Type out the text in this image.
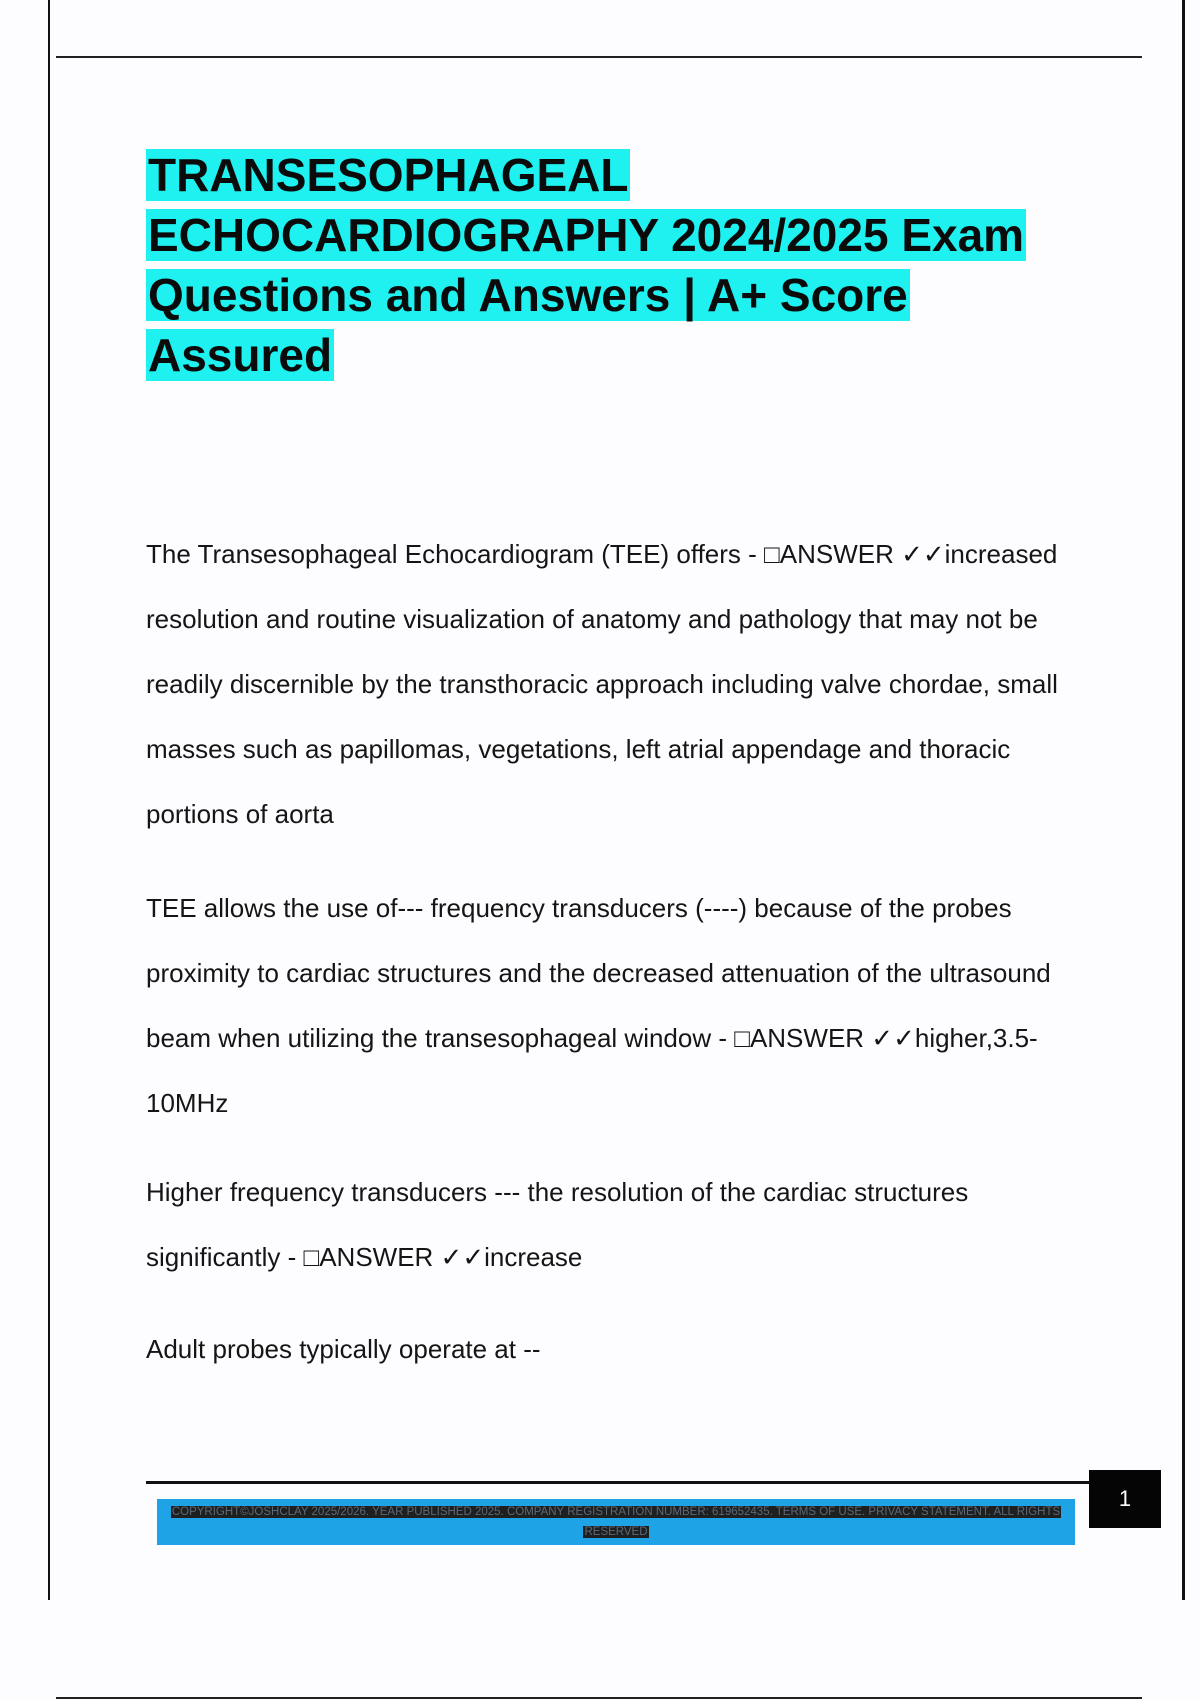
TRANSESOPHAGEAL ECHOCARDIOGRAPHY 2024/2025 Exam Questions and Answers | A+ Score Assured

The Transesophageal Echocardiogram (TEE) offers - □ANSWER ✓✓increased resolution and routine visualization of anatomy and pathology that may not be readily discernible by the transthoracic approach including valve chordae, small masses such as papillomas, vegetations, left atrial appendage and thoracic portions of aorta

TEE allows the use of--- frequency transducers (----) because of the probes proximity to cardiac structures and the decreased attenuation of the ultrasound beam when utilizing the transesophageal window - □ANSWER ✓✓higher,3.5-10MHz

Higher frequency transducers --- the resolution of the cardiac structures significantly - □ANSWER ✓✓increase

Adult probes typically operate at --

COPYRIGHT©JOSHCLAY 2025/2026. YEAR PUBLISHED 2025. COMPANY REGISTRATION NUMBER: 619652435. TERMS OF USE. PRIVACY STATEMENT. ALL RIGHTS RESERVED

1
